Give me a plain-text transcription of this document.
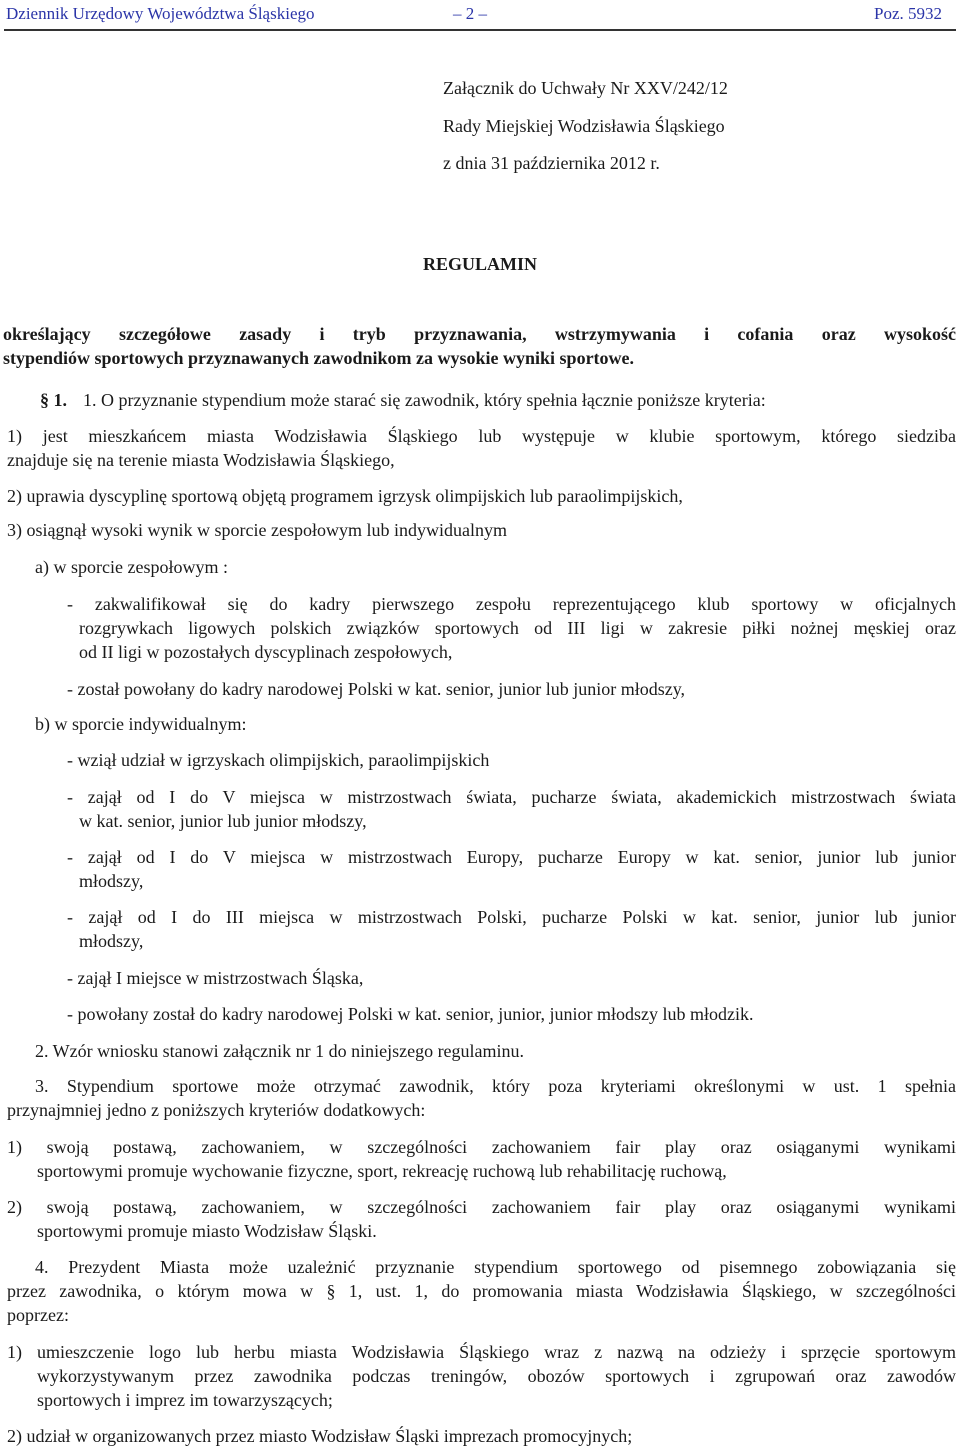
Dziennik Urzędowy Województwa Śląskiego	– 2 –	Poz. 5932
Załącznik do Uchwały Nr XXV/242/12
Rady Miejskiej Wodzisławia Śląskiego
z dnia 31 października 2012 r.
REGULAMIN
określający szczegółowe zasady i tryb przyznawania, wstrzymywania i cofania oraz wysokość
stypendiów sportowych przyznawanych zawodnikom za wysokie wyniki sportowe.
§ 1. 1. O przyznanie stypendium może starać się zawodnik, który spełnia łącznie poniższe kryteria:
1) jest mieszkańcem miasta Wodzisławia Śląskiego lub występuje w klubie sportowym, którego siedziba
znajduje się na terenie miasta Wodzisławia Śląskiego,
2) uprawia dyscyplinę sportową objętą programem igrzysk olimpijskich lub paraolimpijskich,
3) osiągnął wysoki wynik w sporcie zespołowym lub indywidualnym
a) w sporcie zespołowym :
- zakwalifikował się do kadry pierwszego zespołu reprezentującego klub sportowy w oficjalnych
rozgrywkach ligowych polskich związków sportowych od III ligi w zakresie piłki nożnej męskiej oraz
od II ligi w pozostałych dyscyplinach zespołowych,
- został powołany do kadry narodowej Polski w kat. senior, junior lub junior młodszy,
b) w sporcie indywidualnym:
- wziął udział w igrzyskach olimpijskich, paraolimpijskich
- zajął od I do V miejsca w mistrzostwach świata, pucharze świata, akademickich mistrzostwach świata
w kat. senior, junior lub junior młodszy,
- zajął od I do V miejsca w mistrzostwach Europy, pucharze Europy w kat. senior, junior lub junior
młodszy,
- zajął od I do III miejsca w mistrzostwach Polski, pucharze Polski w kat. senior, junior lub junior
młodszy,
- zajął I miejsce w mistrzostwach Śląska,
- powołany został do kadry narodowej Polski w kat. senior, junior, junior młodszy lub młodzik.
2. Wzór wniosku stanowi załącznik nr 1 do niniejszego regulaminu.
3. Stypendium sportowe może otrzymać zawodnik, który poza kryteriami określonymi w ust. 1 spełnia
przynajmniej jedno z poniższych kryteriów dodatkowych:
1) swoją postawą, zachowaniem, w szczególności zachowaniem fair play oraz osiąganymi wynikami
sportowymi promuje wychowanie fizyczne, sport, rekreację ruchową lub rehabilitację ruchową,
2) swoją postawą, zachowaniem, w szczególności zachowaniem fair play oraz osiąganymi wynikami
sportowymi promuje miasto Wodzisław Śląski.
4. Prezydent Miasta może uzależnić przyznanie stypendium sportowego od pisemnego zobowiązania się
przez zawodnika, o którym mowa w § 1, ust. 1, do promowania miasta Wodzisławia Śląskiego, w szczególności
poprzez:
1) umieszczenie logo lub herbu miasta Wodzisławia Śląskiego wraz z nazwą na odzieży i sprzęcie sportowym
wykorzystywanym przez zawodnika podczas treningów, obozów sportowych i zgrupowań oraz zawodów
sportowych i imprez im towarzyszących;
2) udział w organizowanych przez miasto Wodzisław Śląski imprezach promocyjnych;
